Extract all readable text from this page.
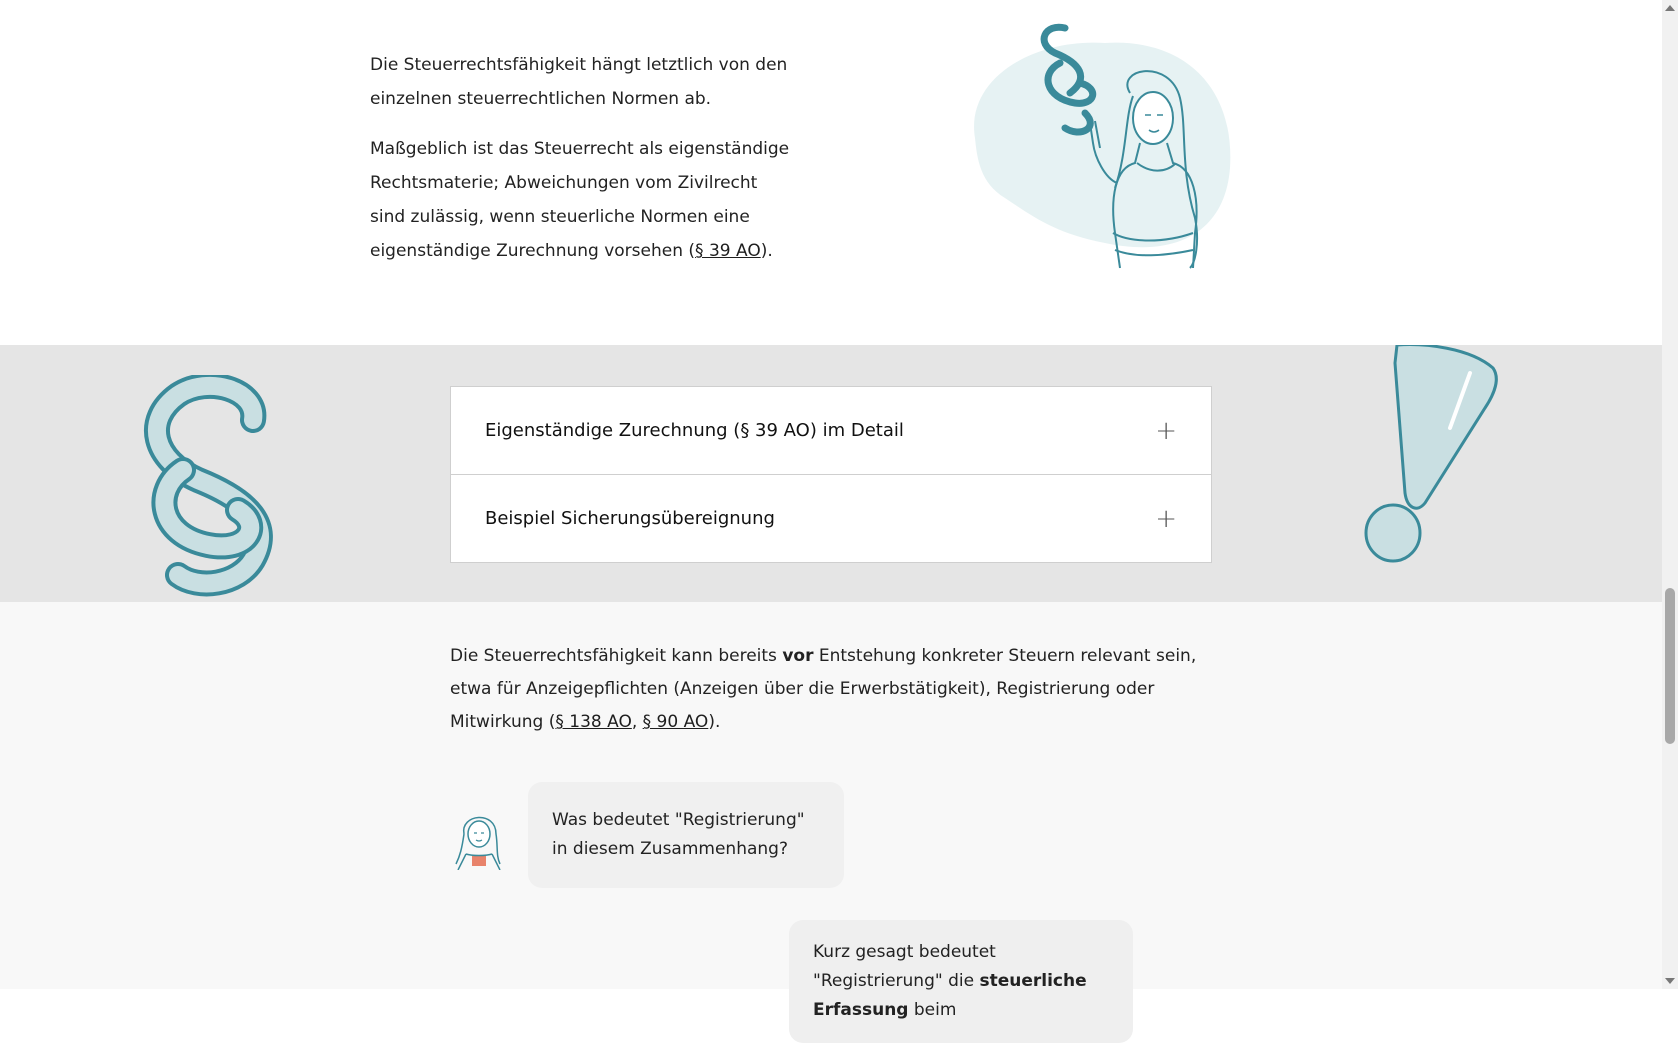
Die Steuerrechtsfähigkeit hängt letztlich von den einzelnen steuerrechtlichen Normen ab.

Maßgeblich ist das Steuerrecht als eigenständige Rechtsmaterie; Abweichungen vom Zivilrecht sind zulässig, wenn steuerliche Normen eine eigenständige Zurechnung vorsehen (§ 39 AO).

Eigenständige Zurechnung (§ 39 AO) im Detail	+
Beispiel Sicherungsübereignung	+

Die Steuerrechtsfähigkeit kann bereits vor Entstehung konkreter Steuern relevant sein, etwa für Anzeigepflichten (Anzeigen über die Erwerbstätigkeit), Registrierung oder Mitwirkung (§ 138 AO, § 90 AO).

Was bedeutet "Registrierung" in diesem Zusammenhang?
Kurz gesagt bedeutet "Registrierung" die steuerliche Erfassung beim
